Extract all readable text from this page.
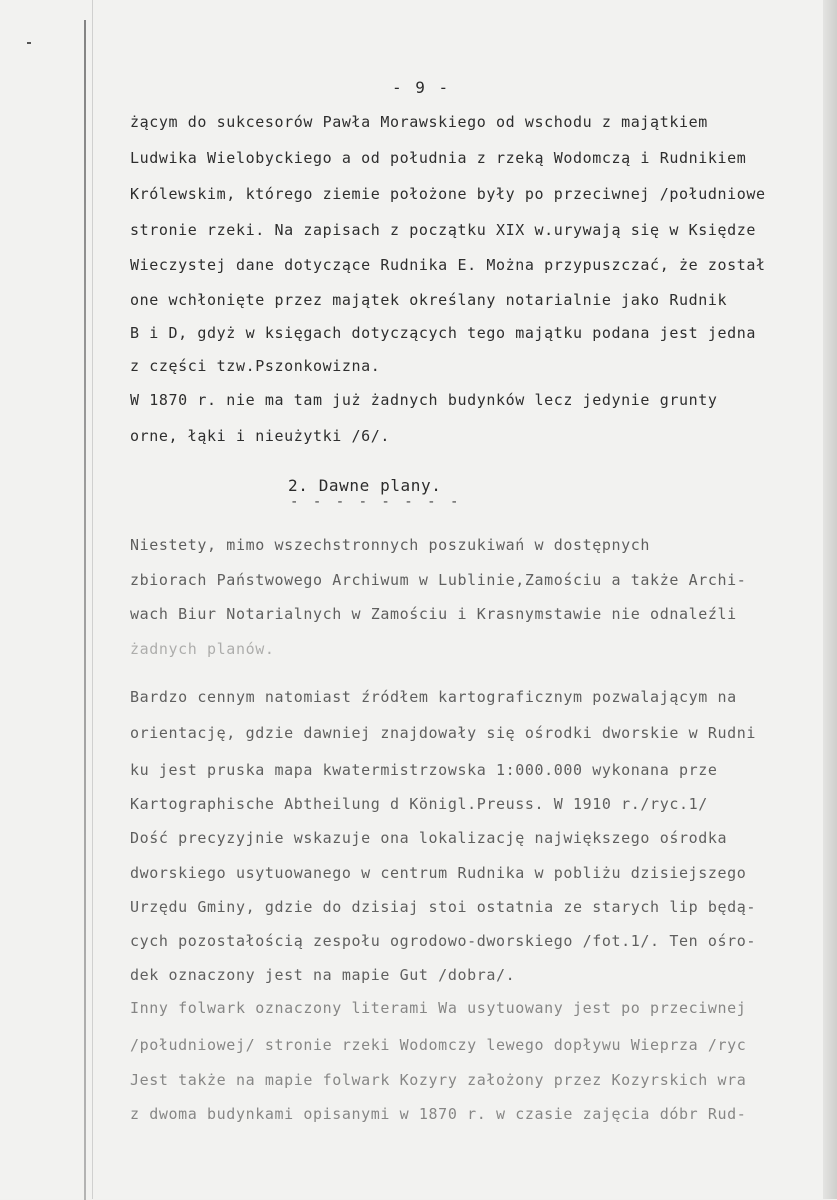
- 9 -
żącym do sukcesorów Pawła Morawskiego od wschodu z majątkiem
Ludwika Wielobyckiego a od południa z rzeką Wodomczą i Rudnikiem
Królewskim, którego ziemie położone były po przeciwnej /południowe
stronie rzeki. Na zapisach z początku XIX w.urywają się w Księdze
Wieczystej dane dotyczące Rudnika E. Można przypuszczać, że został
one wchłonięte przez majątek określany notarialnie jako Rudnik
B i D, gdyż w księgach dotyczących tego majątku podana jest jedna
z części tzw.Pszonkowizna.
W 1870 r. nie ma tam już żadnych budynków lecz jedynie grunty
orne, łąki i nieużytki /6/.
2. Dawne plany.
- - - - - - - -
Niestety, mimo wszechstronnych poszukiwań w dostępnych
zbiorach Państwowego Archiwum w Lublinie,Zamościu a także Archi-
wach Biur Notarialnych w Zamościu i Krasnymstawie nie odnaleźli
żadnych planów.
Bardzo cennym natomiast źródłem kartograficznym pozwalającym na
orientację, gdzie dawniej znajdowały się ośrodki dworskie w Rudni
ku jest pruska mapa kwatermistrzowska 1:000.000 wykonana prze
Kartographische Abtheilung d Königl.Preuss. W 1910 r./ryc.1/
Dość precyzyjnie wskazuje ona lokalizację największego ośrodka
dworskiego usytuowanego w centrum Rudnika w pobliżu dzisiejszego
Urzędu Gminy, gdzie do dzisiaj stoi ostatnia ze starych lip będą-
cych pozostałością zespołu ogrodowo-dworskiego /fot.1/. Ten ośro-
dek oznaczony jest na mapie Gut /dobra/.
Inny folwark oznaczony literami Wa usytuowany jest po przeciwnej
/południowej/ stronie rzeki Wodomczy lewego dopływu Wieprza /ryc
Jest także na mapie folwark Kozyry założony przez Kozyrskich wra
z dwoma budynkami opisanymi w 1870 r. w czasie zajęcia dóbr Rud-
